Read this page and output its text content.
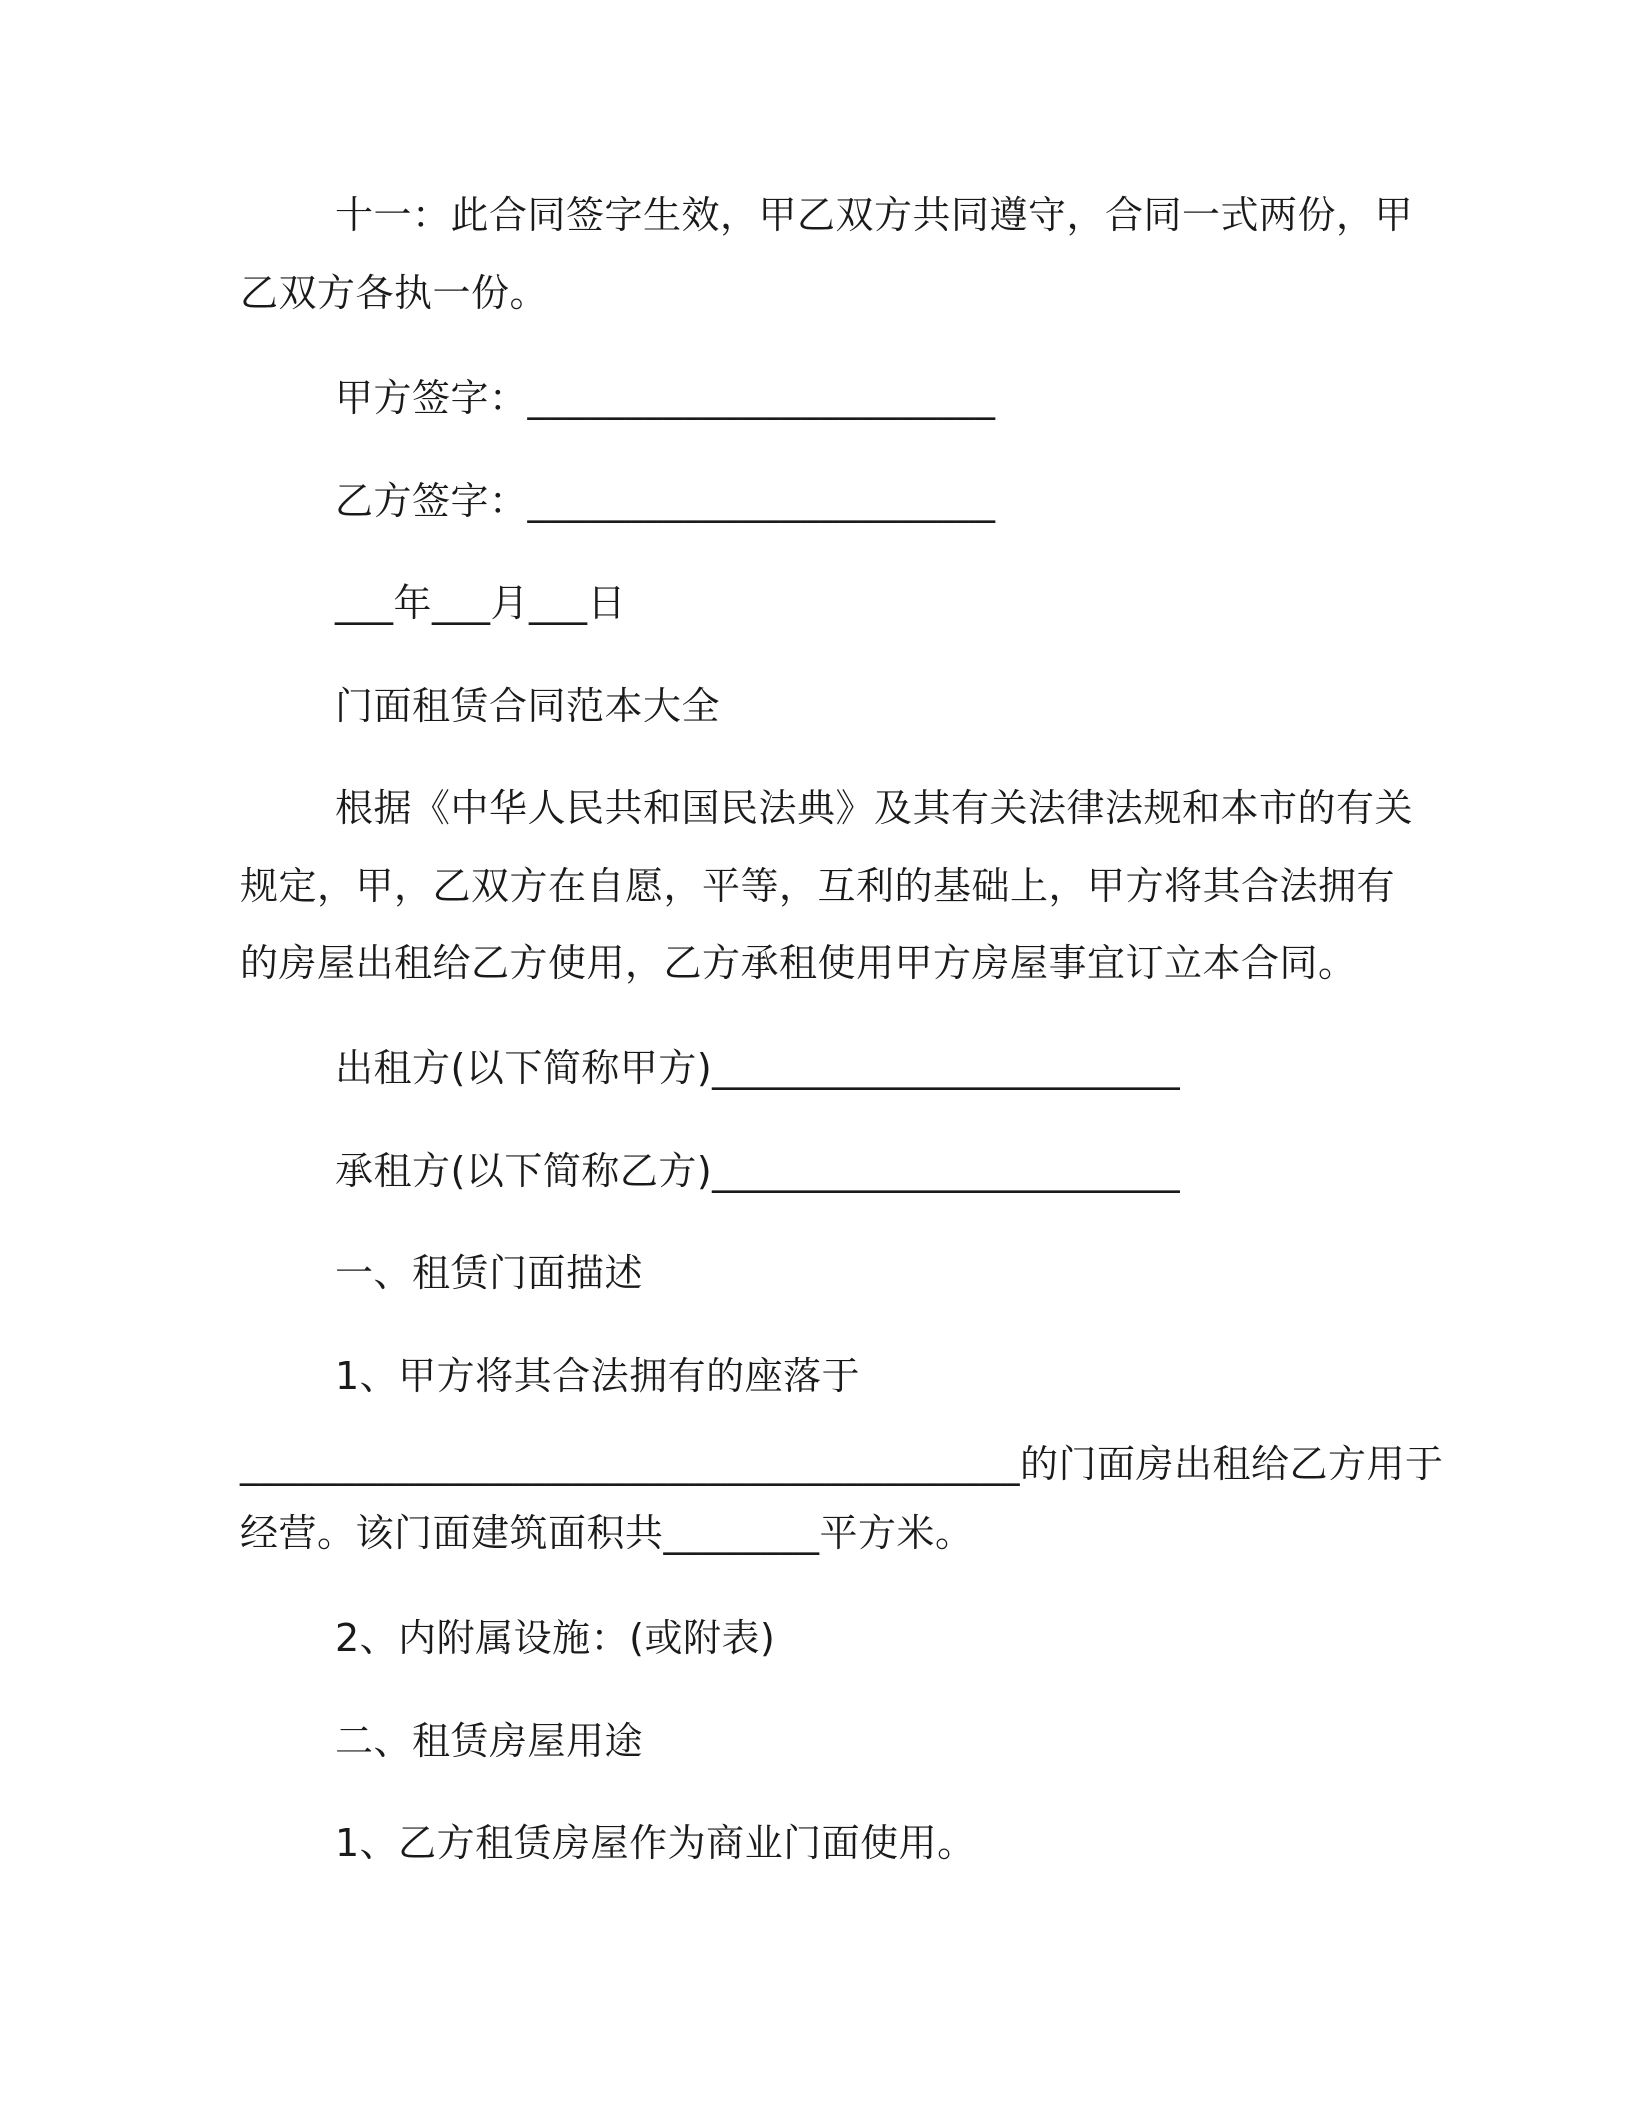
十一：此合同签字生效，甲乙双方共同遵守，合同一式两份，甲
乙双方各执一份。
甲方签字：________________________
乙方签字：________________________
___年___月___日
门面租赁合同范本大全
根据《中华人民共和国民法典》及其有关法律法规和本市的有关
规定，甲，乙双方在自愿，平等，互利的基础上，甲方将其合法拥有
的房屋出租给乙方使用，乙方承租使用甲方房屋事宜订立本合同。
出租方(以下简称甲方)________________________
承租方(以下简称乙方)________________________
一、租赁门面描述
1、甲方将其合法拥有的座落于
________________________________________的门面房出租给乙方用于
经营。该门面建筑面积共________平方米。
2、内附属设施：(或附表)
二、租赁房屋用途
1、乙方租赁房屋作为商业门面使用。
